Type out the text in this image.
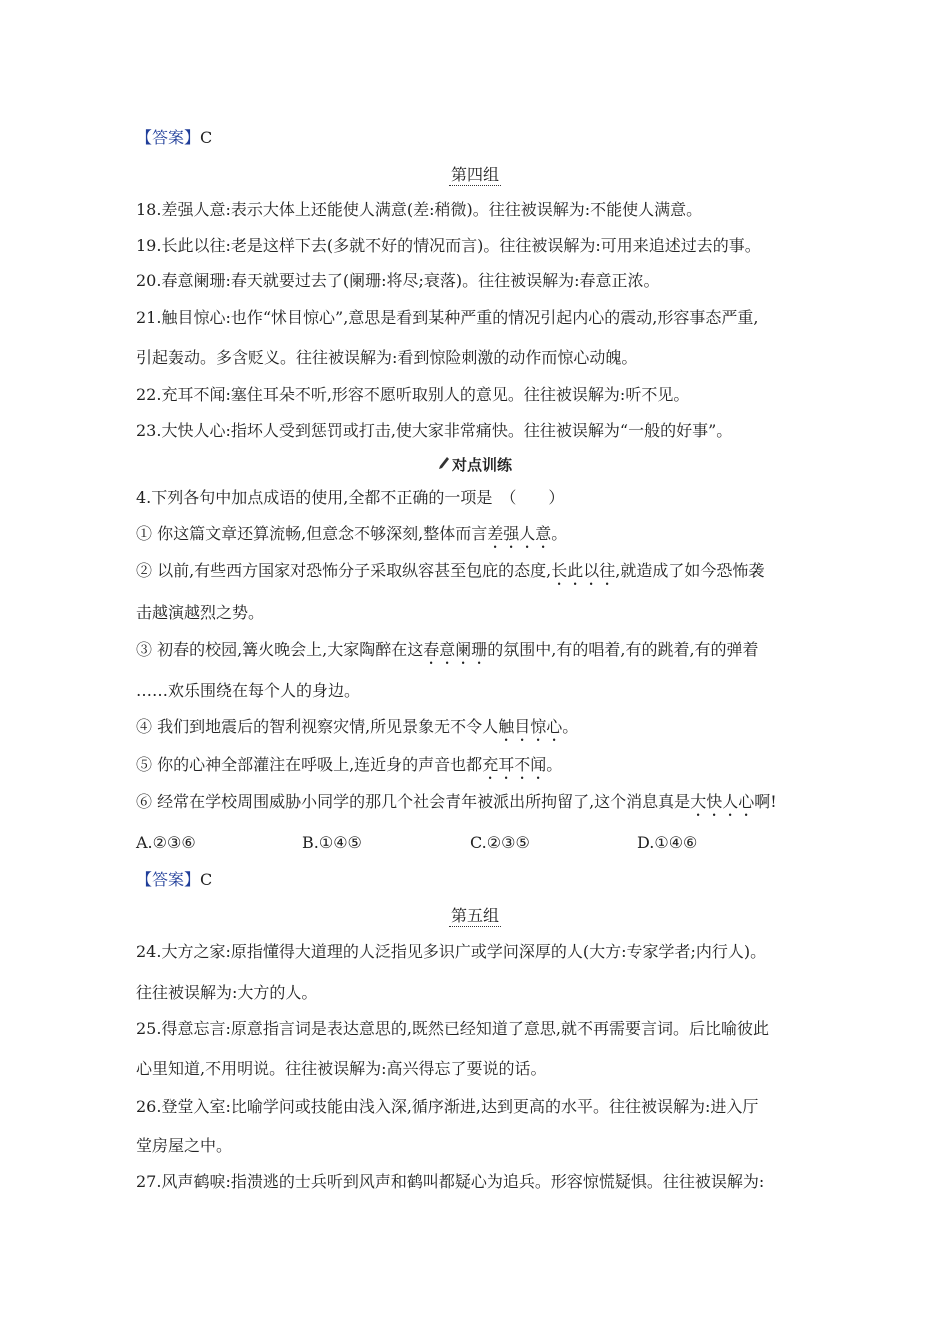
【答案】C
第四组
18.差强人意:表示大体上还能使人满意(差:稍微)。往往被误解为:不能使人满意。
19.长此以往:老是这样下去(多就不好的情况而言)。往往被误解为:可用来追述过去的事。
20.春意阑珊:春天就要过去了(阑珊:将尽;衰落)。往往被误解为:春意正浓。
21.触目惊心:也作“怵目惊心”,意思是看到某种严重的情况引起内心的震动,形容事态严重,
引起轰动。多含贬义。往往被误解为:看到惊险刺激的动作而惊心动魄。
22.充耳不闻:塞住耳朵不听,形容不愿听取别人的意见。往往被误解为:听不见。
23.大快人心:指坏人受到惩罚或打击,使大家非常痛快。往往被误解为“一般的好事”。
对点训练
4.下列各句中加点成语的使用,全都不正确的一项是　（　　）
① 你这篇文章还算流畅,但意念不够深刻,整体而言差强人意。
② 以前,有些西方国家对恐怖分子采取纵容甚至包庇的态度,长此以往,就造成了如今恐怖袭
击越演越烈之势。
③ 初春的校园,篝火晚会上,大家陶醉在这春意阑珊的氛围中,有的唱着,有的跳着,有的弹着
……欢乐围绕在每个人的身边。
④ 我们到地震后的智利视察灾情,所见景象无不令人触目惊心。
⑤ 你的心神全部灌注在呼吸上,连近身的声音也都充耳不闻。
⑥ 经常在学校周围威胁小同学的那几个社会青年被派出所拘留了,这个消息真是大快人心啊!
A.②③⑥	B.①④⑤	C.②③⑤	D.①④⑥
【答案】C
第五组
24.大方之家:原指懂得大道理的人泛指见多识广或学问深厚的人(大方:专家学者;内行人)。
往往被误解为:大方的人。
25.得意忘言:原意指言词是表达意思的,既然已经知道了意思,就不再需要言词。后比喻彼此
心里知道,不用明说。往往被误解为:高兴得忘了要说的话。
26.登堂入室:比喻学问或技能由浅入深,循序渐进,达到更高的水平。往往被误解为:进入厅
堂房屋之中。
27.风声鹤唳:指溃逃的士兵听到风声和鹤叫都疑心为追兵。形容惊慌疑惧。往往被误解为:
